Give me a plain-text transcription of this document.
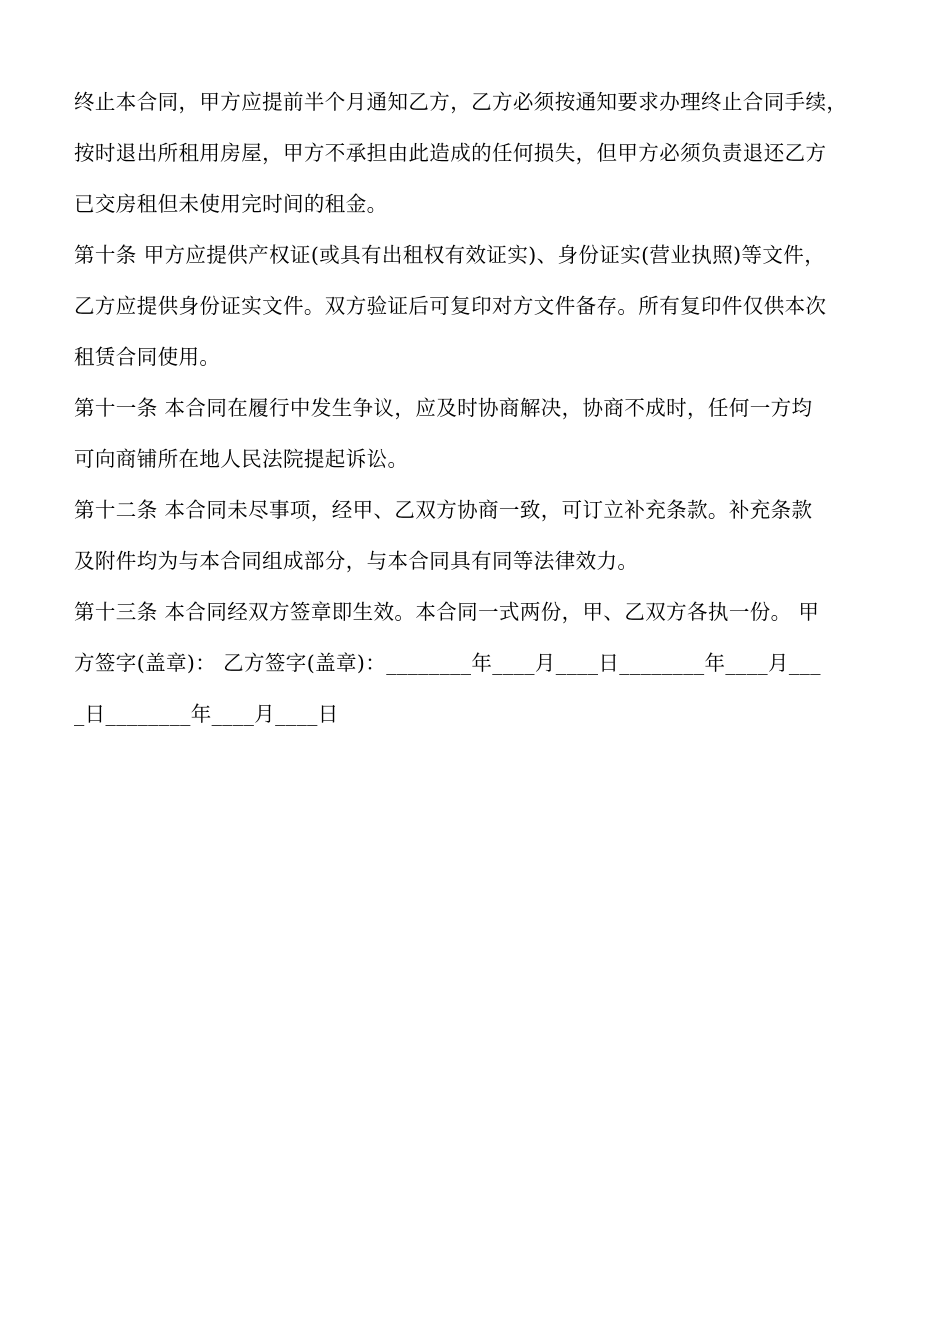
终止本合同，甲方应提前半个月通知乙方，乙方必须按通知要求办理终止合同手续，
按时退出所租用房屋，甲方不承担由此造成的任何损失，但甲方必须负责退还乙方
已交房租但未使用完时间的租金。
第十条 甲方应提供产权证(或具有出租权有效证实)、身份证实(营业执照)等文件，
乙方应提供身份证实文件。双方验证后可复印对方文件备存。所有复印件仅供本次
租赁合同使用。
第十一条 本合同在履行中发生争议，应及时协商解决，协商不成时，任何一方均
可向商铺所在地人民法院提起诉讼。
第十二条 本合同未尽事项，经甲、乙双方协商一致，可订立补充条款。补充条款
及附件均为与本合同组成部分，与本合同具有同等法律效力。
第十三条 本合同经双方签章即生效。本合同一式两份，甲、乙双方各执一份。 甲
方签字(盖章)： 乙方签字(盖章)：________年____月____日________年____月___
_日________年____月____日
